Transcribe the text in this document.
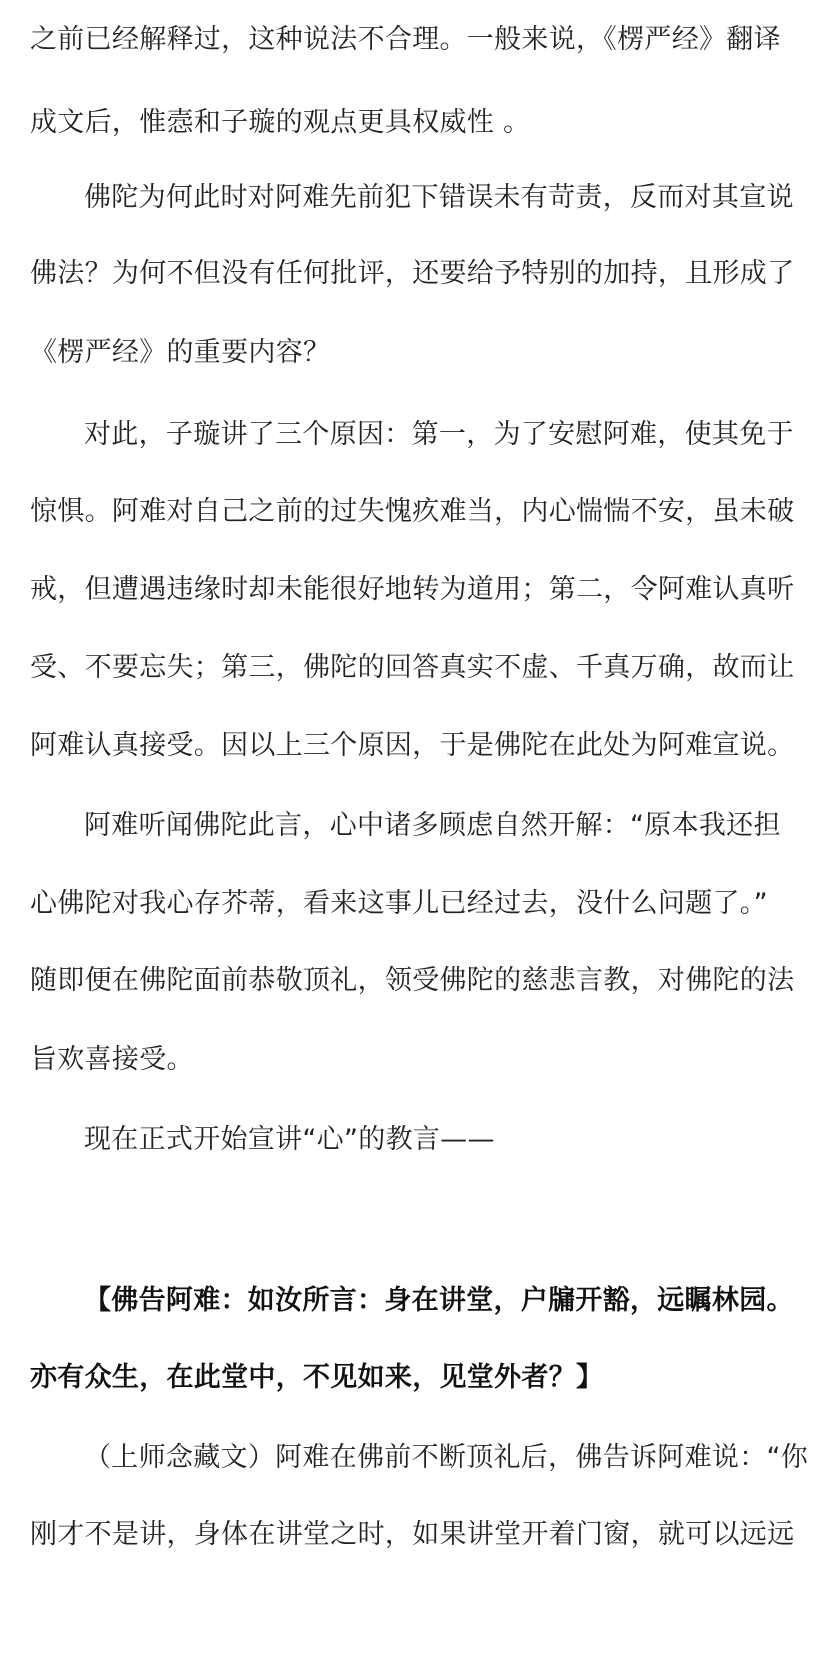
之前已经解释过，这种说法不合理。一般来说，《楞严经》翻译
成文后，惟悫和子璇的观点更具权威性 。
佛陀为何此时对阿难先前犯下错误未有苛责，反而对其宣说
佛法？为何不但没有任何批评，还要给予特别的加持，且形成了
《楞严经》的重要内容？
对此，子璇讲了三个原因：第一，为了安慰阿难，使其免于
惊惧。阿难对自己之前的过失愧疚难当，内心惴惴不安，虽未破
戒，但遭遇违缘时却未能很好地转为道用；第二，令阿难认真听
受、不要忘失；第三，佛陀的回答真实不虚、千真万确，故而让
阿难认真接受。因以上三个原因，于是佛陀在此处为阿难宣说。
阿难听闻佛陀此言，心中诸多顾虑自然开解：“原本我还担
心佛陀对我心存芥蒂，看来这事儿已经过去，没什么问题了。”
随即便在佛陀面前恭敬顶礼，领受佛陀的慈悲言教，对佛陀的法
旨欢喜接受。
现在正式开始宣讲“心”的教言——
【佛告阿难：如汝所言：身在讲堂，户牖开豁，远瞩林园。
亦有众生，在此堂中，不见如来，见堂外者？】
（上师念藏文）阿难在佛前不断顶礼后，佛告诉阿难说：“你
刚才不是讲，身体在讲堂之时，如果讲堂开着门窗，就可以远远
